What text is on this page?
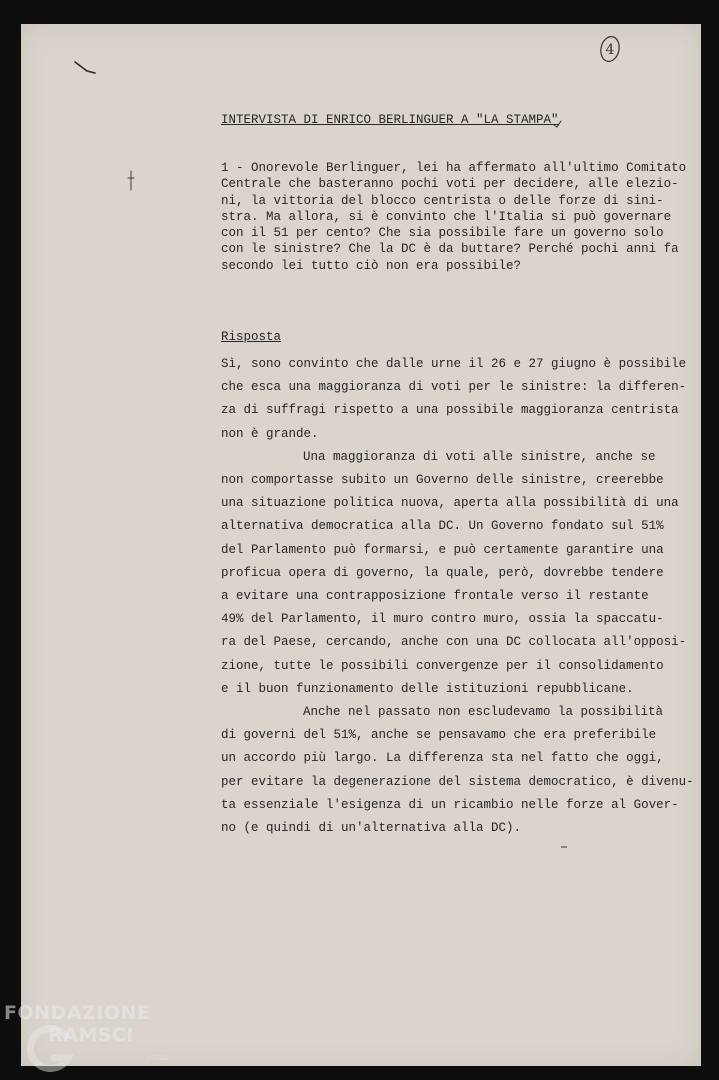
4
INTERVISTA DI ENRICO BERLINGUER A "LA STAMPA"
1 - Onorevole Berlinguer, lei ha affermato all'ultimo Comitato
Centrale che basteranno pochi voti per decidere, alle elezio-
ni, la vittoria del blocco centrista o delle forze di sini-
stra. Ma allora, si è convinto che l'Italia si può governare
con il 51 per cento? Che sia possibile fare un governo solo
con le sinistre? Che la DC è da buttare? Perché pochi anni fa
secondo lei tutto ciò non era possibile?
Risposta
Sì, sono convinto che dalle urne il 26 e 27 giugno è possibile
che esca una maggioranza di voti per le sinistre: la differen-
za di suffragi rispetto a una possibile maggioranza centrista
non è grande.
Una maggioranza di voti alle sinistre, anche se
non comportasse subito un Governo delle sinistre, creerebbe
una situazione politica nuova, aperta alla possibilità di una
alternativa democratica alla DC. Un Governo fondato sul 51%
del Parlamento può formarsi, e può certamente garantire una
proficua opera di governo, la quale, però, dovrebbe tendere
a evitare una contrapposizione frontale verso il restante
49% del Parlamento, il muro contro muro, ossia la spaccatu-
ra del Paese, cercando, anche con una DC collocata all'opposi-
zione, tutte le possibili convergenze per il consolidamento
e il buon funzionamento delle istituzioni repubblicane.
Anche nel passato non escludevamo la possibilità
di governi del 51%, anche se pensavamo che era preferibile
un accordo più largo. La differenza sta nel fatto che oggi,
per evitare la degenerazione del sistema democratico, è divenu-
ta essenziale l'esigenza di un ricambio nelle forze al Gover-
no (e quindi di un'alternativa alla DC).
FONDAZIONE
RAMSCI
onlus
